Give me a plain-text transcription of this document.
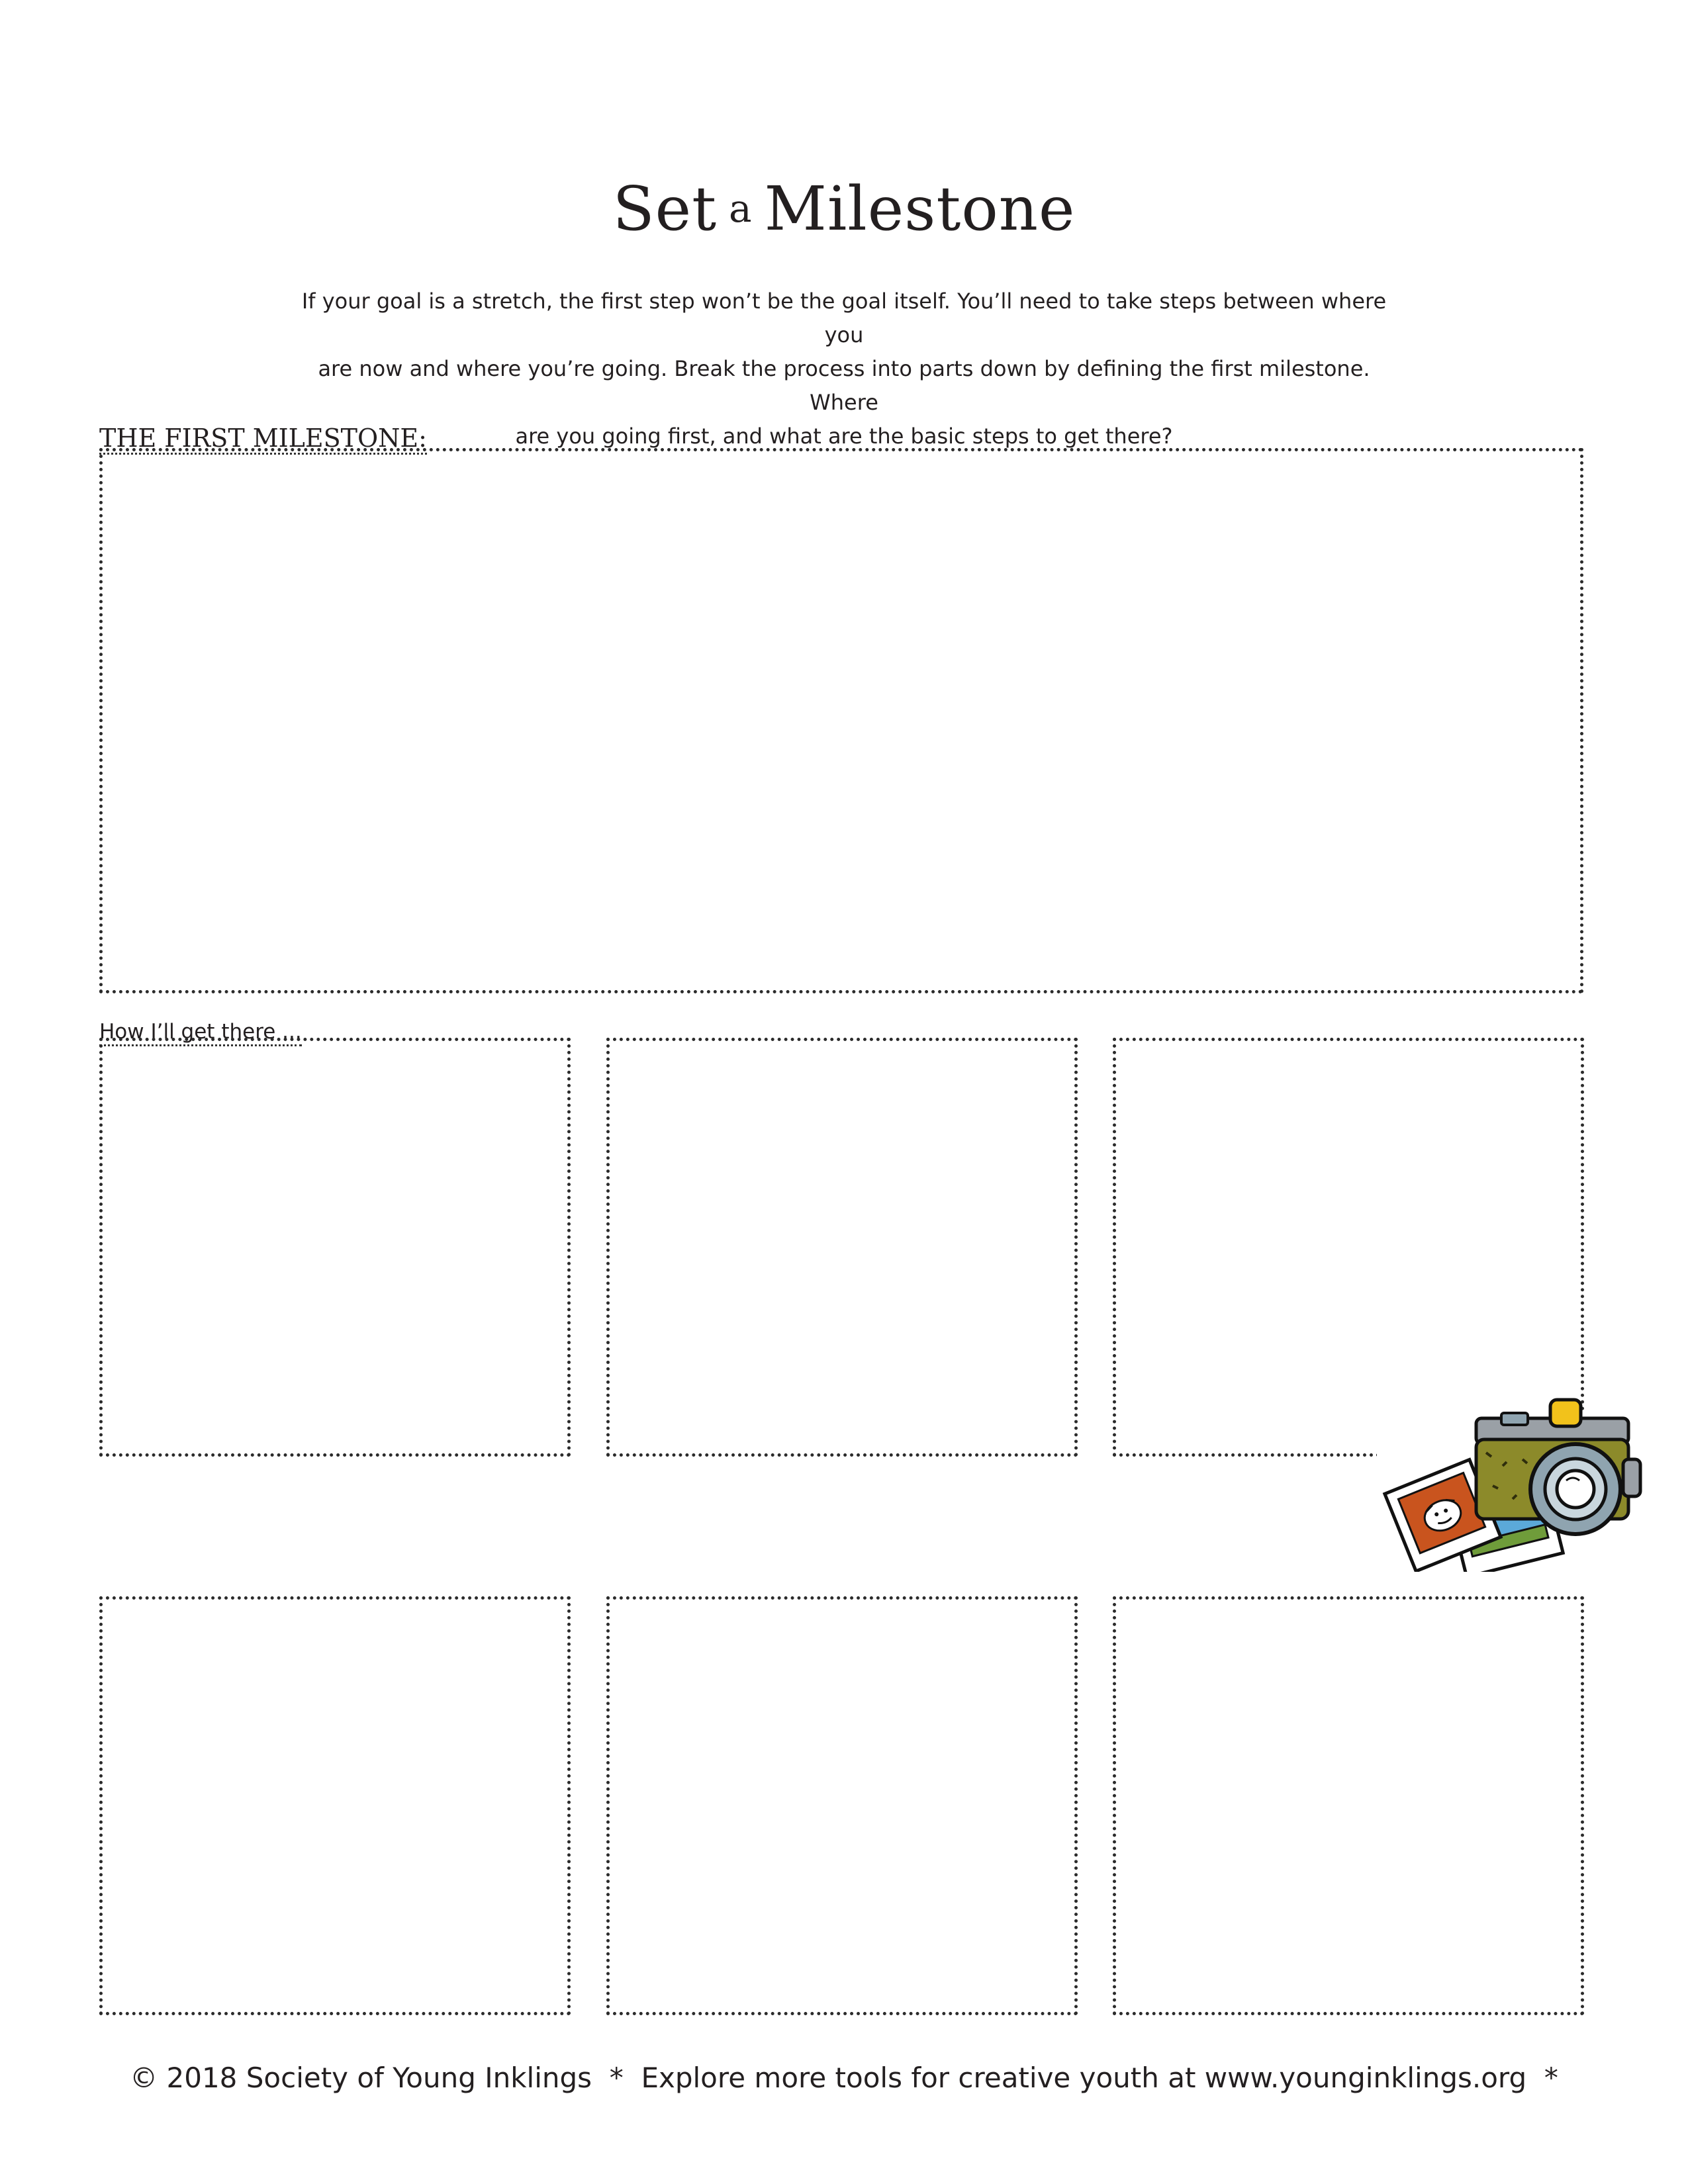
Set a Milestone

If your goal is a stretch, the first step won’t be the goal itself. You’ll need to take steps between where you
are now and where you’re going. Break the process into parts down by defining the first milestone. Where
are you going first, and what are the basic steps to get there?

THE FIRST MILESTONE:

How I’ll get there ...

© 2018 Society of Young Inklings  *  Explore more tools for creative youth at www.younginklings.org  *
